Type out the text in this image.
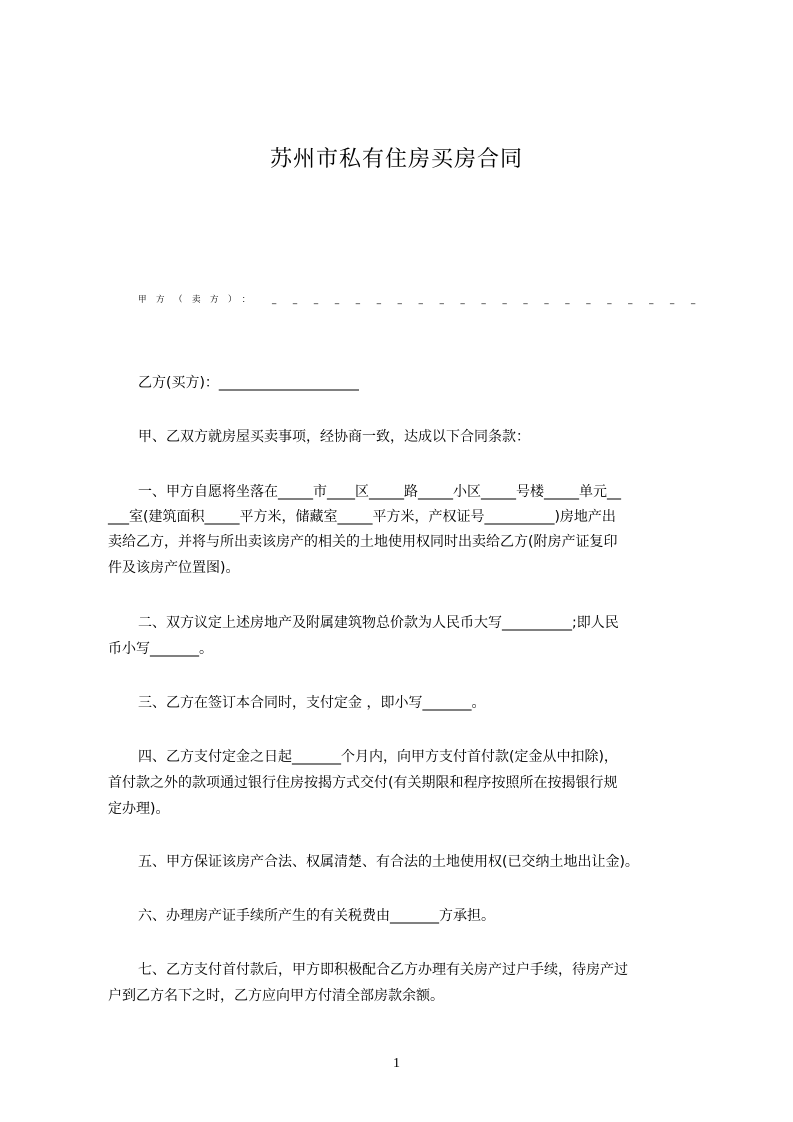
苏州市私有住房买房合同
甲方（卖方）： _ _ _ _ _ _ _ _ _ _ _ _ _ _ _ _ _ _ _ _ _
乙方(买方)：____________________
甲、乙双方就房屋买卖事项，经协商一致，达成以下合同条款：
一、甲方自愿将坐落在_____市____区_____路_____小区_____号楼_____单元__
___室(建筑面积_____平方米，储藏室_____平方米，产权证号__________)房地产出
卖给乙方，并将与所出卖该房产的相关的土地使用权同时出卖给乙方(附房产证复印
件及该房产位置图)。
二、双方议定上述房地产及附属建筑物总价款为人民币大写__________;即人民
币小写_______。
三、乙方在签订本合同时，支付定金 ，即小写_______。
四、乙方支付定金之日起_______个月内，向甲方支付首付款(定金从中扣除)，
首付款之外的款项通过银行住房按揭方式交付(有关期限和程序按照所在按揭银行规
定办理)。
五、甲方保证该房产合法、权属清楚、有合法的土地使用权(已交纳土地出让金)。
六、办理房产证手续所产生的有关税费由_______方承担。
七、乙方支付首付款后，甲方即积极配合乙方办理有关房产过户手续，待房产过
户到乙方名下之时，乙方应向甲方付清全部房款余额。
1
